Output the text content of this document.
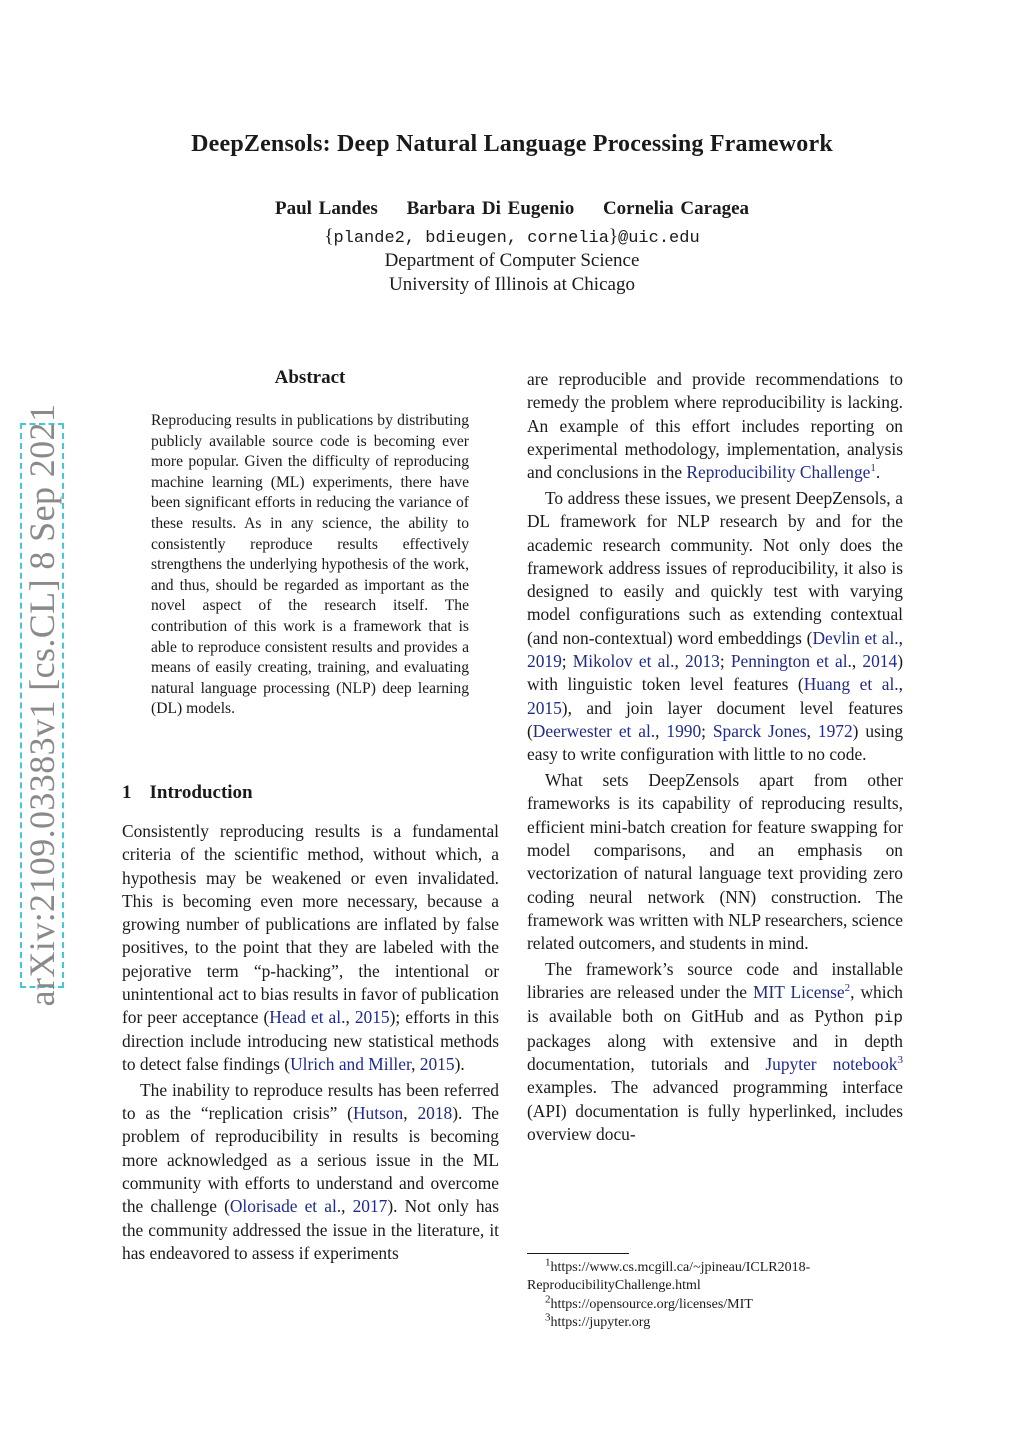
DeepZensols: Deep Natural Language Processing Framework
Paul Landes Barbara Di Eugenio Cornelia Caragea
{plande2, bdieugen, cornelia}@uic.edu
Department of Computer Science
University of Illinois at Chicago
arXiv:2109.03383v1 [cs.CL] 8 Sep 2021
Abstract
Reproducing results in publications by distributing publicly available source code is becoming ever more popular. Given the difficulty of reproducing machine learning (ML) experiments, there have been significant efforts in reducing the variance of these results. As in any science, the ability to consistently reproduce results effectively strengthens the underlying hypothesis of the work, and thus, should be regarded as important as the novel aspect of the research itself. The contribution of this work is a framework that is able to reproduce consistent results and provides a means of easily creating, training, and evaluating natural language processing (NLP) deep learning (DL) models.
1 Introduction

Consistently reproducing results is a fundamental criteria of the scientific method, without which, a hypothesis may be weakened or even invalidated. This is becoming even more necessary, because a growing number of publications are inflated by false positives, to the point that they are labeled with the pejorative term “p-hacking”, the intentional or unintentional act to bias results in favor of publication for peer acceptance (Head et al., 2015); efforts in this direction include introducing new statistical methods to detect false findings (Ulrich and Miller, 2015).

The inability to reproduce results has been referred to as the “replication crisis” (Hutson, 2018). The problem of reproducibility in results is becoming more acknowledged as a serious issue in the ML community with efforts to understand and overcome the challenge (Olorisade et al., 2017). Not only has the community addressed the issue in the literature, it has endeavored to assess if experiments

are reproducible and provide recommendations to remedy the problem where reproducibility is lacking. An example of this effort includes reporting on experimental methodology, implementation, analysis and conclusions in the Reproducibility Challenge$^1$.

To address these issues, we present DeepZensols, a DL framework for NLP research by and for the academic research community. Not only does the framework address issues of reproducibility, it also is designed to easily and quickly test with varying model configurations such as extending contextual (and non-contextual) word embeddings (Devlin et al., 2019; Mikolov et al., 2013; Pennington et al., 2014) with linguistic token level features (Huang et al., 2015), and join layer document level features (Deerwester et al., 1990; Sparck Jones, 1972) using easy to write configuration with little to no code.

What sets DeepZensols apart from other frameworks is its capability of reproducing results, efficient mini-batch creation for feature swapping for model comparisons, and an emphasis on vectorization of natural language text providing zero coding neural network (NN) construction. The framework was written with NLP researchers, science related outcomers, and students in mind.

The framework’s source code and installable libraries are released under the MIT License$^2$, which is available both on GitHub and as Python pip packages along with extensive and in depth documentation, tutorials and Jupyter notebook$^3$ examples. The advanced programming interface (API) documentation is fully hyperlinked, includes overview docu-

$^1$https://www.cs.mcgill.ca/~jpineau/ICLR2018-
ReproducibilityChallenge.html
$^2$https://opensource.org/licenses/MIT
$^3$https://jupyter.org
